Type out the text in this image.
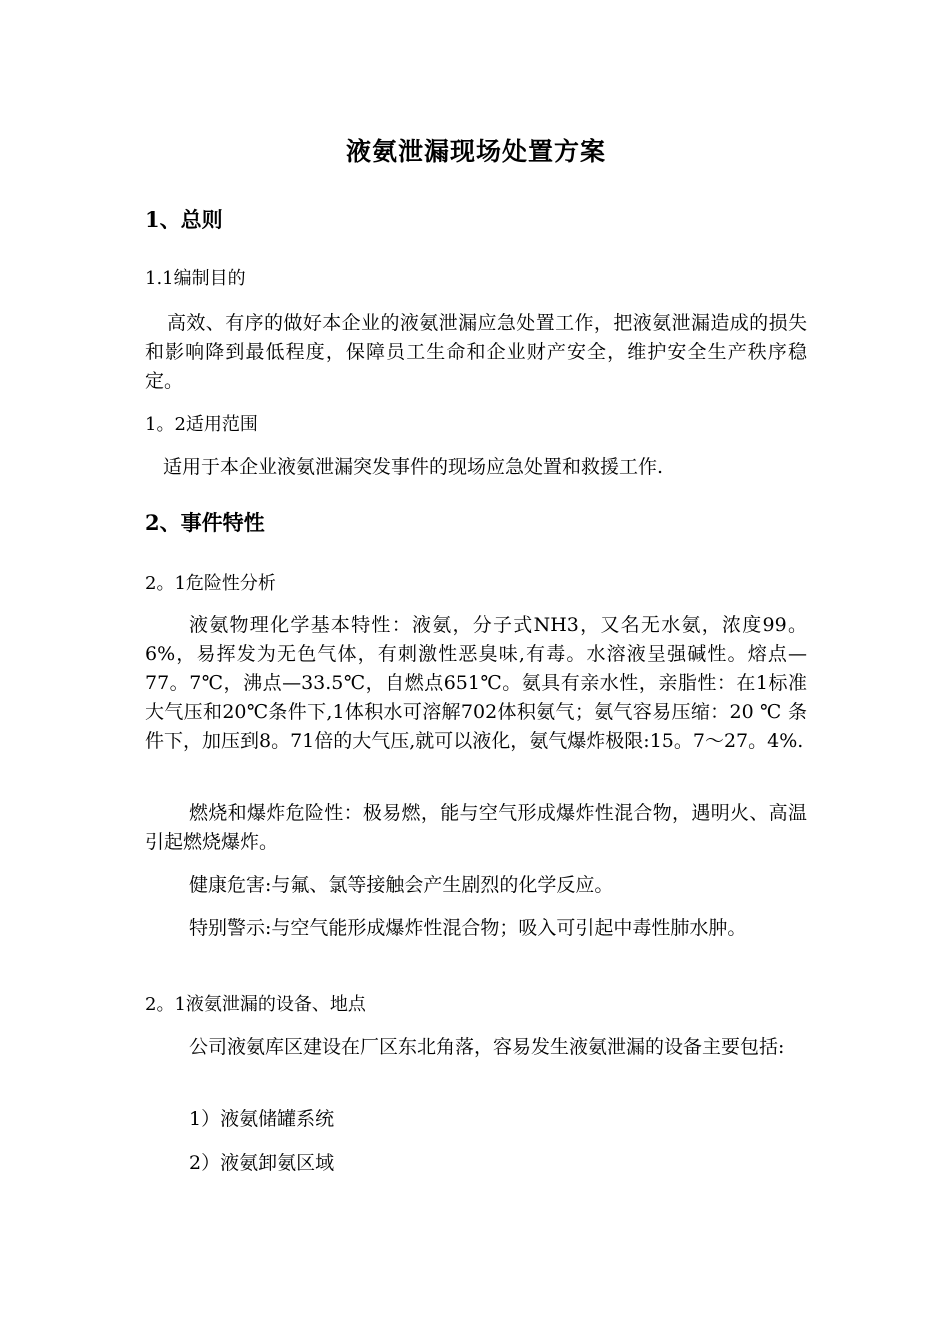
液氨泄漏现场处置方案
1、总则

1.1编制目的

高效、有序的做好本企业的液氨泄漏应急处置工作，把液氨泄漏造成的损失和影响降到最低程度，保障员工生命和企业财产安全，维护安全生产秩序稳定。

1。2适用范围

适用于本企业液氨泄漏突发事件的现场应急处置和救援工作.

2、事件特性

2。1危险性分析

液氨物理化学基本特性：液氨，分子式NH3，又名无水氨，浓度99。6%，易挥发为无色气体，有刺激性恶臭味,有毒。水溶液呈强碱性。熔点—77。7℃，沸点—33.5℃，自燃点651℃。氨具有亲水性，亲脂性：在1标准大气压和20℃条件下,1体积水可溶解702体积氨气；氨气容易压缩：20 ℃ 条件下，加压到8。71倍的大气压,就可以液化，氨气爆炸极限:15。7～27。4%.

燃烧和爆炸危险性：极易燃，能与空气形成爆炸性混合物，遇明火、高温引起燃烧爆炸。

健康危害:与氟、氯等接触会产生剧烈的化学反应。

特别警示:与空气能形成爆炸性混合物；吸入可引起中毒性肺水肿。

2。1液氨泄漏的设备、地点

公司液氨库区建设在厂区东北角落，容易发生液氨泄漏的设备主要包括:

1）液氨储罐系统

2）液氨卸氨区域
